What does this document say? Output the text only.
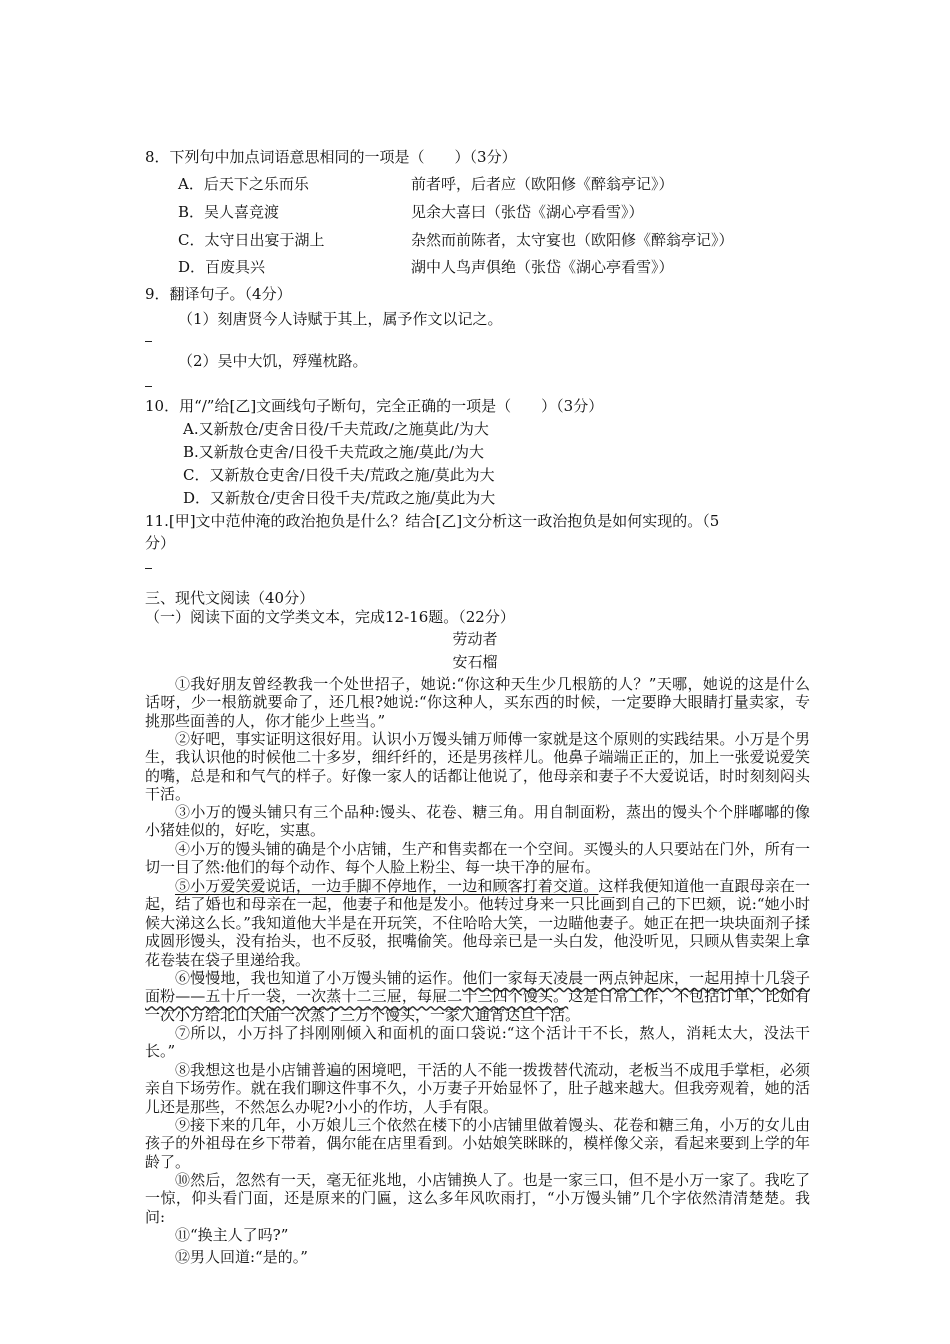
8．下列句中加点词语意思相同的一项是（　　）（3分）
A．后天下之乐而乐	前者呼，后者应（欧阳修《醉翁亭记》）
B．吴人喜竞渡	见余大喜曰（张岱《湖心亭看雪》）
C．太守日出宴于湖上	杂然而前陈者，太守宴也（欧阳修《醉翁亭记》）
D．百废具兴	湖中人鸟声俱绝（张岱《湖心亭看雪》）
9．翻译句子。（4分）
（1）刻唐贤今人诗赋于其上，属予作文以记之。
（2）吴中大饥，殍殣枕路。
10．用“/”给[乙]文画线句子断句，完全正确的一项是（　　）（3分）
A.又新敖仓/吏舍日役/千夫荒政/之施莫此/为大
B.又新敖仓吏舍/日役千夫荒政之施/莫此/为大
C．又新敖仓吏舍/日役千夫/荒政之施/莫此为大
D．又新敖仓/吏舍日役千夫/荒政之施/莫此为大
11.[甲]文中范仲淹的政治抱负是什么？结合[乙]文分析这一政治抱负是如何实现的。（5
分）
三、现代文阅读（40分）
（一）阅读下面的文学类文本，完成12-16题。（22分）
劳动者
安石榴
①我好朋友曾经教我一个处世招子，她说:“你这种天生少几根筋的人？”天哪，她说的这是什么话呀，少一根筋就要命了，还几根?她说:“你这种人，买东西的时候，一定要睁大眼睛打量卖家，专挑那些面善的人，你才能少上些当。”
②好吧，事实证明这很好用。认识小万馒头铺万师傅一家就是这个原则的实践结果。小万是个男生，我认识他的时候他二十多岁，细纤纤的，还是男孩样儿。他鼻子端端正正的，加上一张爱说爱笑的嘴，总是和和气气的样子。好像一家人的话都让他说了，他母亲和妻子不大爱说话，时时刻刻闷头干活。
③小万的馒头铺只有三个品种:馒头、花卷、糖三角。用自制面粉，蒸出的馒头个个胖嘟嘟的像小猪娃似的，好吃，实惠。
④小万的馒头铺的确是个小店铺，生产和售卖都在一个空间。买馒头的人只要站在门外，所有一切一目了然:他们的每个动作、每个人脸上粉尘、每一块干净的屉布。
⑤小万爱笑爱说话，一边手脚不停地作，一边和顾客打着交道。这样我便知道他一直跟母亲在一起，结了婚也和母亲在一起，他妻子和他是发小。他转过身来一只比画到自己的下巴颏，说:“她小时候大涕这么长。”我知道他大半是在开玩笑，不住哈哈大笑，一边瞄他妻子。她正在把一块块面剂子揉成圆形馒头，没有抬头，也不反驳，抿嘴偷笑。他母亲已是一头白发，他没听见，只顾从售卖架上拿花卷装在袋子里递给我。
⑥慢慢地，我也知道了小万馒头铺的运作。他们一家每天凌晨一两点钟起床，一起用掉十几袋子面粉——五十斤一袋，一次蒸十二三屉，每屉二十三四个馒头。这是日常工作，不包括订单，比如有一次小万给北山大庙一次蒸了三万个馒头，一家人通宵达旦干活。
⑦所以，小万抖了抖刚刚倾入和面机的面口袋说:“这个活计干不长，熬人，消耗太大，没法干长。”
⑧我想这也是小店铺普遍的困境吧，干活的人不能一拨拨替代流动，老板当不成甩手掌柜，必须亲自下场劳作。就在我们聊这件事不久，小万妻子开始显怀了，肚子越来越大。但我旁观着，她的活儿还是那些，不然怎么办呢?小小的作坊，人手有限。
⑨接下来的几年，小万娘儿三个依然在楼下的小店铺里做着馒头、花卷和糖三角，小万的女儿由孩子的外祖母在乡下带着，偶尔能在店里看到。小姑娘笑眯眯的，模样像父亲，看起来要到上学的年龄了。
⑩然后，忽然有一天，毫无征兆地，小店铺换人了。也是一家三口，但不是小万一家了。我吃了一惊，仰头看门面，还是原来的门匾，这么多年风吹雨打，“小万馒头铺”几个字依然清清楚楚。我问:
⑪“换主人了吗?”
⑫男人回道:“是的。”
